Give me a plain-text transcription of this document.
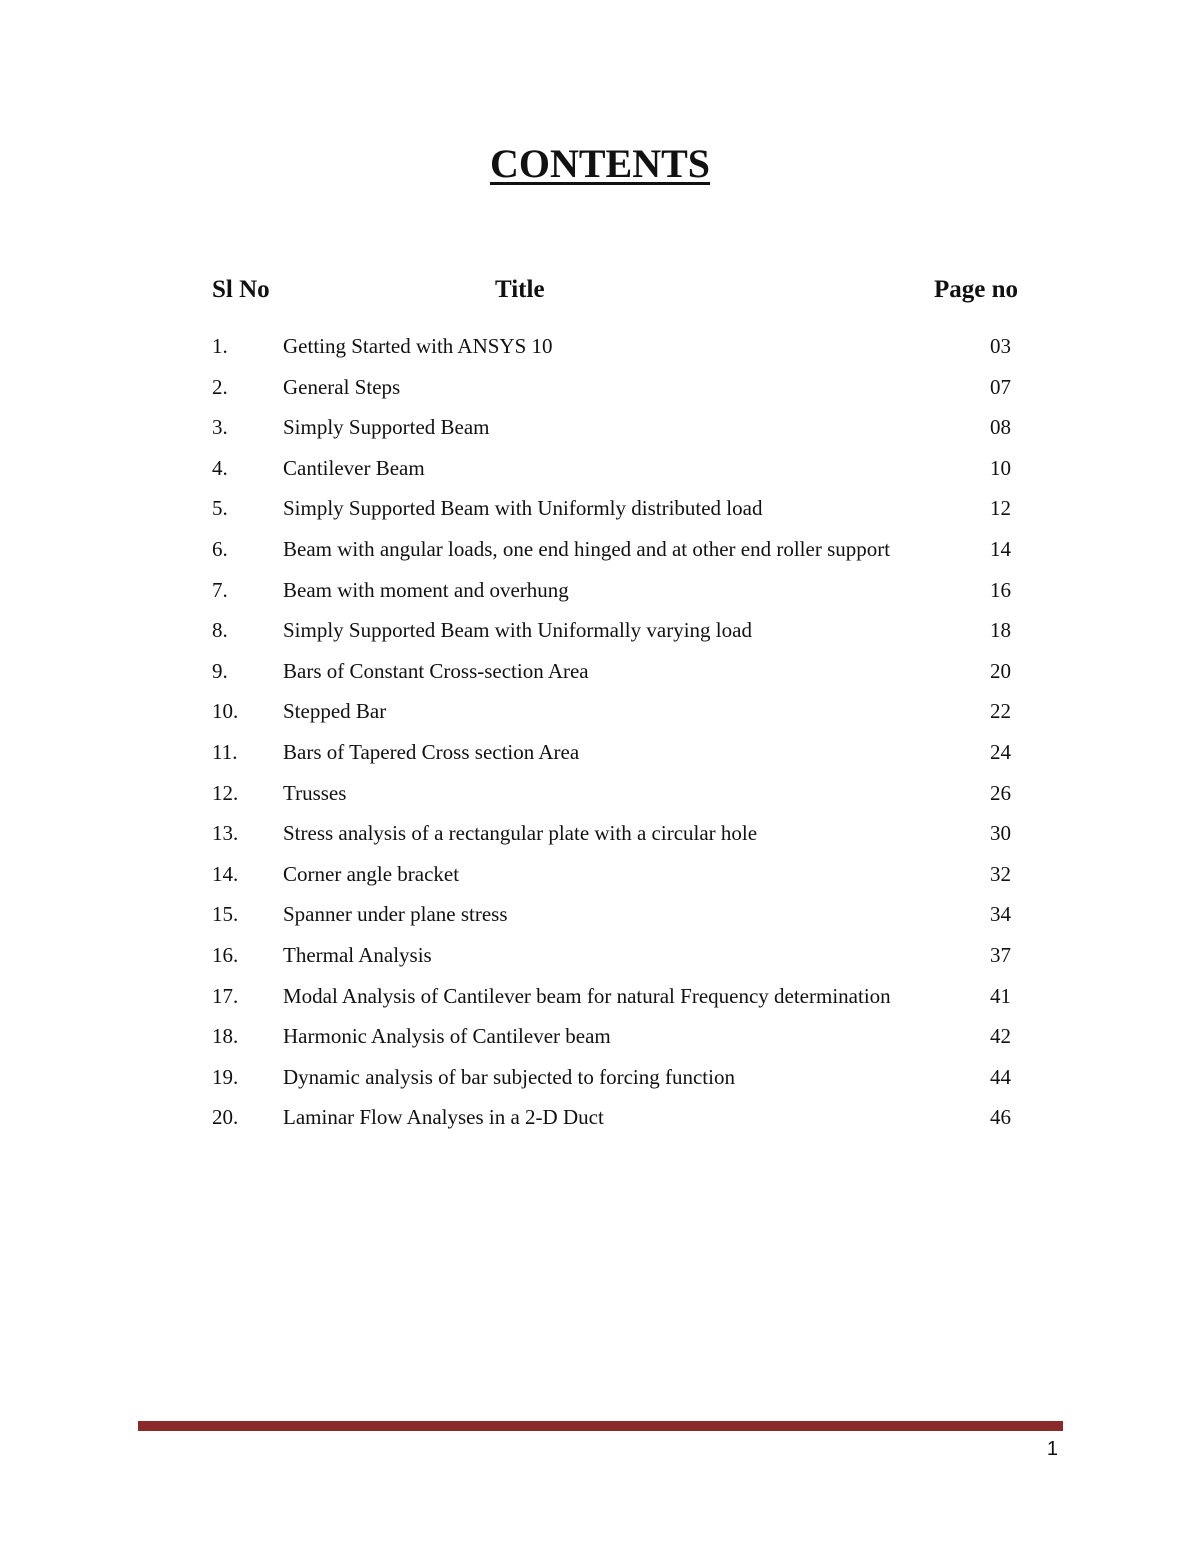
CONTENTS
Sl No	Title	Page no
1.	Getting Started with ANSYS 10	03
2.	General Steps	07
3.	Simply Supported Beam	08
4.	Cantilever Beam	10
5.	Simply Supported Beam with Uniformly distributed load	12
6.	Beam with angular loads, one end hinged and at other end roller support	14
7.	Beam with moment and overhung	16
8.	Simply Supported Beam with Uniformally varying load	18
9.	Bars of Constant Cross-section Area	20
10. Stepped Bar	22
11. Bars of Tapered Cross section Area	24
12. Trusses	26
13. Stress analysis of a rectangular plate with a circular hole	30
14. Corner angle bracket	32
15. Spanner under plane stress	34
16. Thermal Analysis	37
17. Modal Analysis of Cantilever beam for natural Frequency determination	41
18. Harmonic Analysis of Cantilever beam	42
19. Dynamic analysis of bar subjected to forcing function	44
20. Laminar Flow Analyses in a 2-D Duct	46
1
